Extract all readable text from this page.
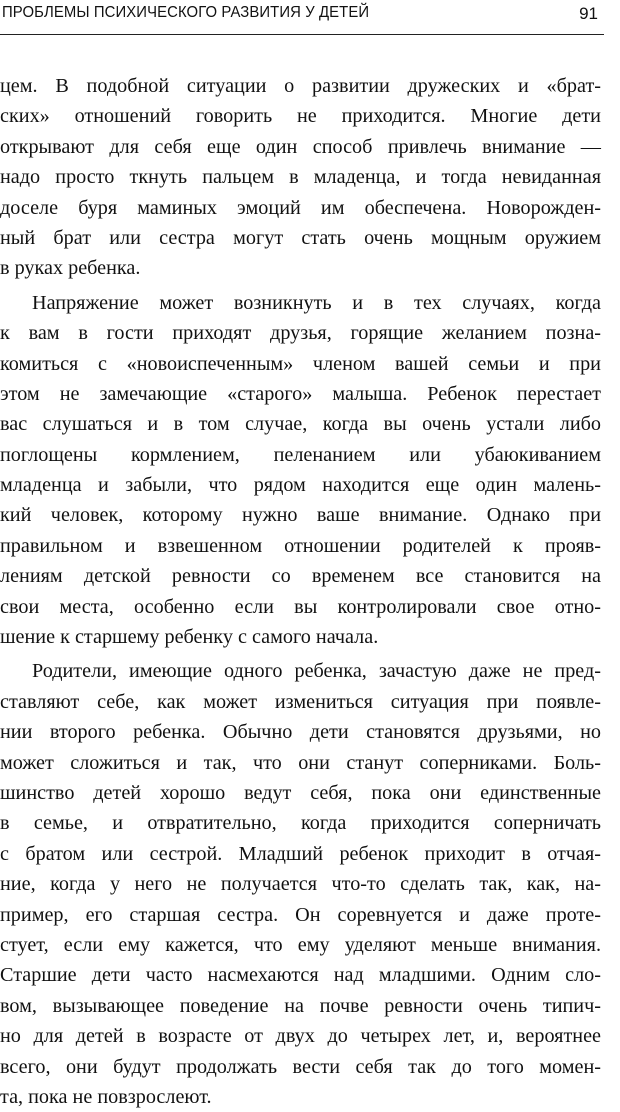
ПРОБЛЕМЫ ПСИХИЧЕСКОГО РАЗВИТИЯ У ДЕТЕЙ	91
цем. В подобной ситуации о развитии дружеских и «брат-
ских» отношений говорить не приходится. Многие дети
открывают для себя еще один способ привлечь внимание —
надо просто ткнуть пальцем в младенца, и тогда невиданная
доселе буря маминых эмоций им обеспечена. Новорожден-
ный брат или сестра могут стать очень мощным оружием
в руках ребенка.
Напряжение может возникнуть и в тех случаях, когда
к вам в гости приходят друзья, горящие желанием позна-
комиться с «новоиспеченным» членом вашей семьи и при
этом не замечающие «старого» малыша. Ребенок перестает
вас слушаться и в том случае, когда вы очень устали либо
поглощены кормлением, пеленанием или убаюкиванием
младенца и забыли, что рядом находится еще один малень-
кий человек, которому нужно ваше внимание. Однако при
правильном и взвешенном отношении родителей к прояв-
лениям детской ревности со временем все становится на
свои места, особенно если вы контролировали свое отно-
шение к старшему ребенку с самого начала.
Родители, имеющие одного ребенка, зачастую даже не пред-
ставляют себе, как может измениться ситуация при появле-
нии второго ребенка. Обычно дети становятся друзьями, но
может сложиться и так, что они станут соперниками. Боль-
шинство детей хорошо ведут себя, пока они единственные
в семье, и отвратительно, когда приходится соперничать
с братом или сестрой. Младший ребенок приходит в отчая-
ние, когда у него не получается что-то сделать так, как, на-
пример, его старшая сестра. Он соревнуется и даже проте-
стует, если ему кажется, что ему уделяют меньше внимания.
Старшие дети часто насмехаются над младшими. Одним сло-
вом, вызывающее поведение на почве ревности очень типич-
но для детей в возрасте от двух до четырех лет, и, вероятнее
всего, они будут продолжать вести себя так до того момен-
та, пока не повзрослеют.
